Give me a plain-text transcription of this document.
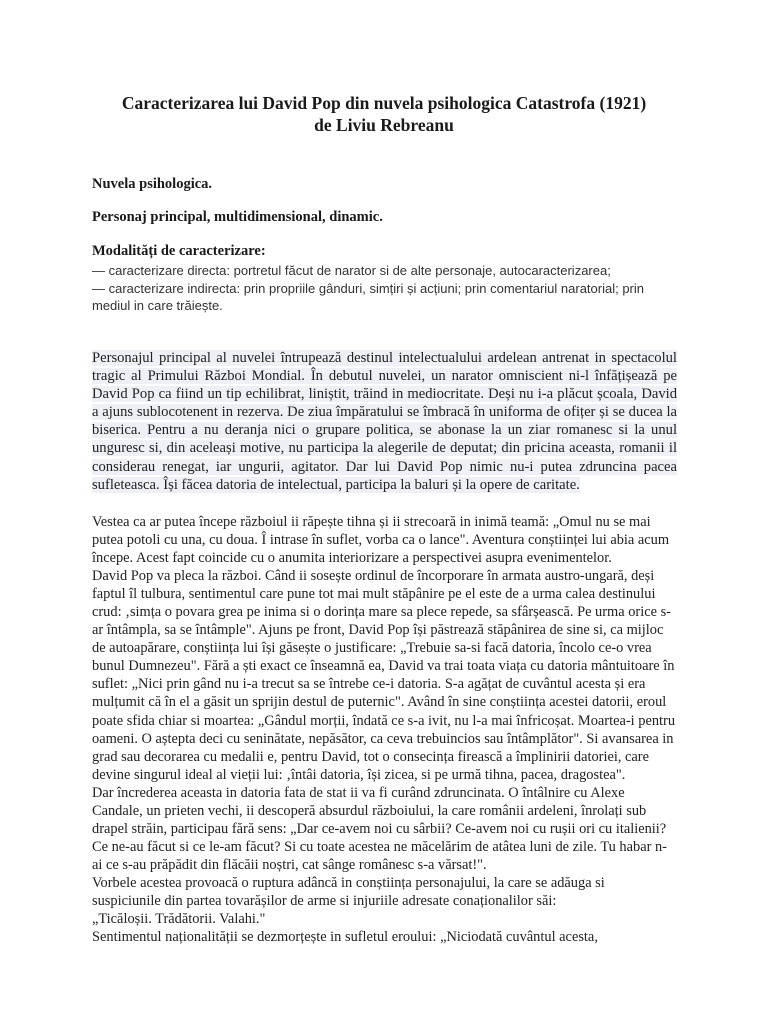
Caracterizarea lui David Pop din nuvela psihologica Catastrofa (1921)
de Liviu Rebreanu

Nuvela psihologica.

Personaj principal, multidimensional, dinamic.

Modalități de caracterizare:

— caracterizare directa: portretul făcut de narator si de alte personaje, autocaracterizarea;
— caracterizare indirecta: prin propriile gânduri, simțiri și acțiuni; prin comentariul naratorial; prin mediul in care trăiește.
Personajul principal al nuvelei întrupează destinul intelectualului ardelean antrenat in spectacolul tragic al Primului Război Mondial. În debutul nuvelei, un narator omniscient ni-l înfățișează pe David Pop ca fiind un tip echilibrat, liniștit, trăind in mediocritate. Deși nu i-a plăcut școala, David a ajuns sublocotenent in rezerva. De ziua împăratului se îmbracă în uniforma de ofițer și se ducea la biserica. Pentru a nu deranja nici o grupare politica, se abonase la un ziar romanesc si la unul unguresc si, din aceleași motive, nu participa la alegerile de deputat; din pricina aceasta, romanii il considerau renegat, iar ungurii, agitator. Dar lui David Pop nimic nu-i putea zdruncina pacea sufleteasca. Își făcea datoria de intelectual, participa la baluri și la opere de caritate.

Vestea ca ar putea începe războiul ii răpește tihna și ii strecoară in inimă teamă: „Omul nu se mai putea potoli cu una, cu doua. Î intrase în suflet, vorba ca o lance". Aventura conștiinței lui abia acum începe. Acest fapt coincide cu o anumita interiorizare a perspectivei asupra evenimentelor.

David Pop va pleca la război. Când ii sosește ordinul de încorporare în armata austro-ungară, deși faptul îl tulbura, sentimentul care pune tot mai mult stăpânire pe el este de a urma calea destinului crud: ‚simța o povara grea pe inima si o dorința mare sa plece repede, sa sfârșească. Pe urma orice s-ar întâmpla, sa se întâmple". Ajuns pe front, David Pop își păstrează stăpânirea de sine si, ca mijloc de autoapărare, conștiința lui își găsește o justificare: „Trebuie sa-si facă datoria, încolo ce-o vrea bunul Dumnezeu". Fără a ști exact ce înseamnă ea, David va trai toata viața cu datoria mântuitoare în suflet: „Nici prin gând nu i-a trecut sa se întrebe ce-i datoria. S-a agățat de cuvântul acesta și era mulțumit că în el a găsit un sprijin destul de puternic". Având în sine conștiința acestei datorii, eroul poate sfida chiar si moartea: „Gândul morții, îndată ce s-a ivit, nu l-a mai înfricoșat. Moartea-i pentru oameni. O aștepta deci cu seninătate, nepăsător, ca ceva trebuincios sau întâmplător". Si avansarea in grad sau decorarea cu medalii e, pentru David, tot o consecința firească a împlinirii datoriei, care devine singurul ideal al vieții lui: ‚întâi datoria, își zicea, si pe urmă tihna, pacea, dragostea".

Dar încrederea aceasta in datoria fata de stat ii va fi curând zdruncinata. O întâlnire cu Alexe Candale, un prieten vechi, ii descoperă absurdul războiului, la care românii ardeleni, înrolați sub drapel străin, participau fără sens: „Dar ce-avem noi cu sârbii? Ce-avem noi cu rușii ori cu italienii? Ce ne-au făcut si ce le-am făcut? Si cu toate acestea ne măcelărim de atâtea luni de zile. Tu habar n-ai ce s-au prăpădit din flăcăii noștri, cat sânge românesc s-a vărsat!".

Vorbele acestea provoacă o ruptura adâncă in conștiința personajului, la care se adăuga si suspiciunile din partea tovarășilor de arme si injuriile adresate conaționalilor săi:

„Ticăloșii. Trădătorii. Valahi."

Sentimentul naționalității se dezmorțește in sufletul eroului: „Niciodată cuvântul acesta,
